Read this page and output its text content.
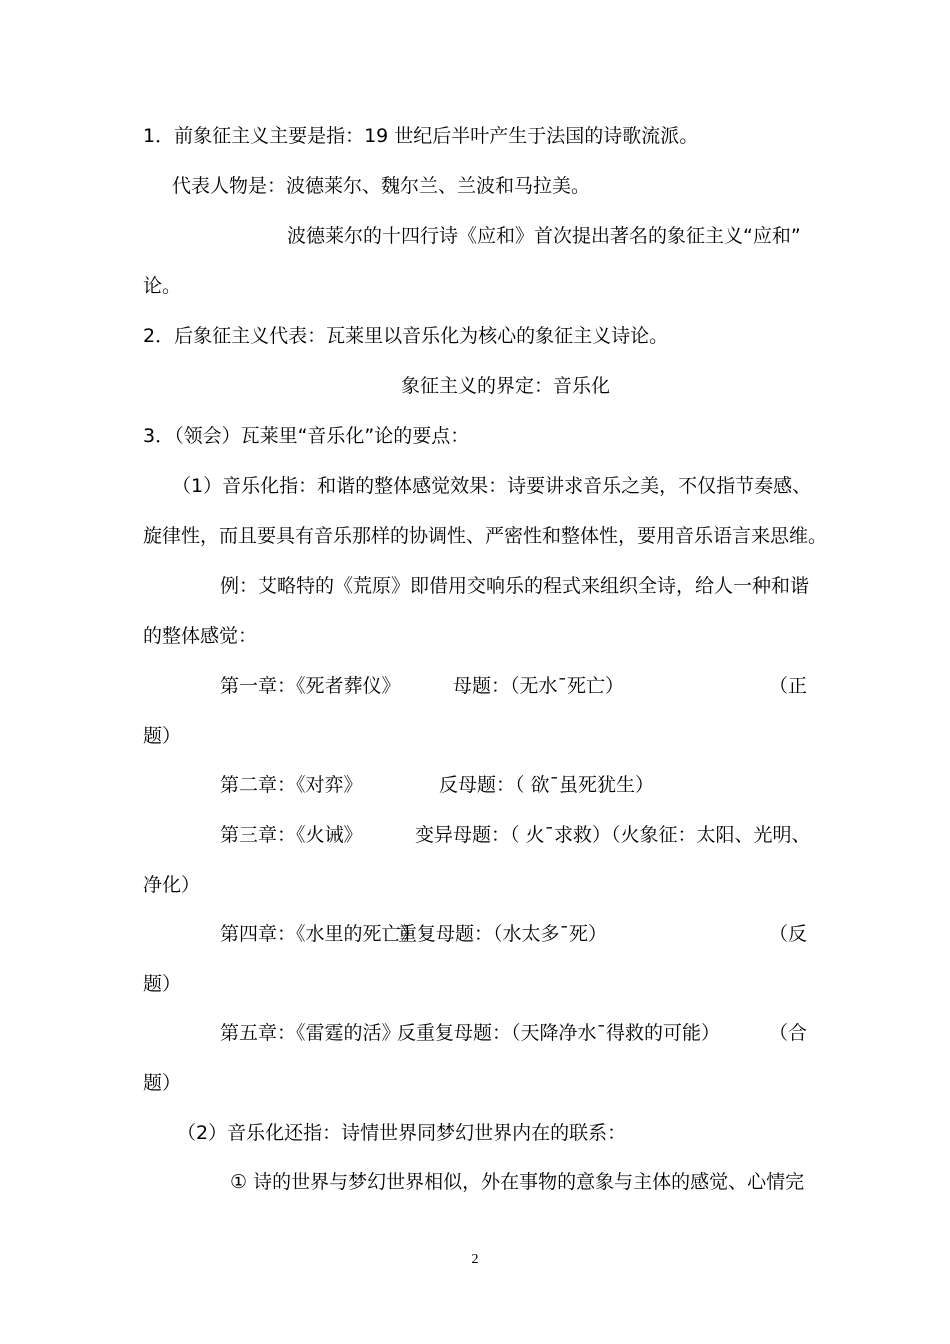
1．前象征主义主要是指：19 世纪后半叶产生于法国的诗歌流派。
代表人物是：波德莱尔、魏尔兰、兰波和马拉美。
波德莱尔的十四行诗《应和》首次提出著名的象征主义“应和”
论。
2．后象征主义代表：瓦莱里以音乐化为核心的象征主义诗论。
象征主义的界定：音乐化
3．（领会）瓦莱里“音乐化”论的要点：
（1）音乐化指：和谐的整体感觉效果：诗要讲求音乐之美，不仅指节奏感、
旋律性，而且要具有音乐那样的协调性、严密性和整体性，要用音乐语言来思维。
例：艾略特的《荒原》即借用交响乐的程式来组织全诗，给人一种和谐
的整体感觉：
第一章：《死者葬仪》	母题：（无水¯死亡）	（正
题）
第二章：《对弈》	反母题：（ 欲¯虽死犹生）
第三章：《火诫》	变异母题：（ 火¯求救）（火象征：太阳、光明、
净化）
第四章：《水里的死亡》
重复母题：（水太多¯死）	（反
题）
第五章：《雷霆的活》
反重复母题：（天降净水¯得救的可能）	（合
题）
（2）音乐化还指：诗情世界同梦幻世界内在的联系：
① 诗的世界与梦幻世界相似，外在事物的意象与主体的感觉、心情完
2
